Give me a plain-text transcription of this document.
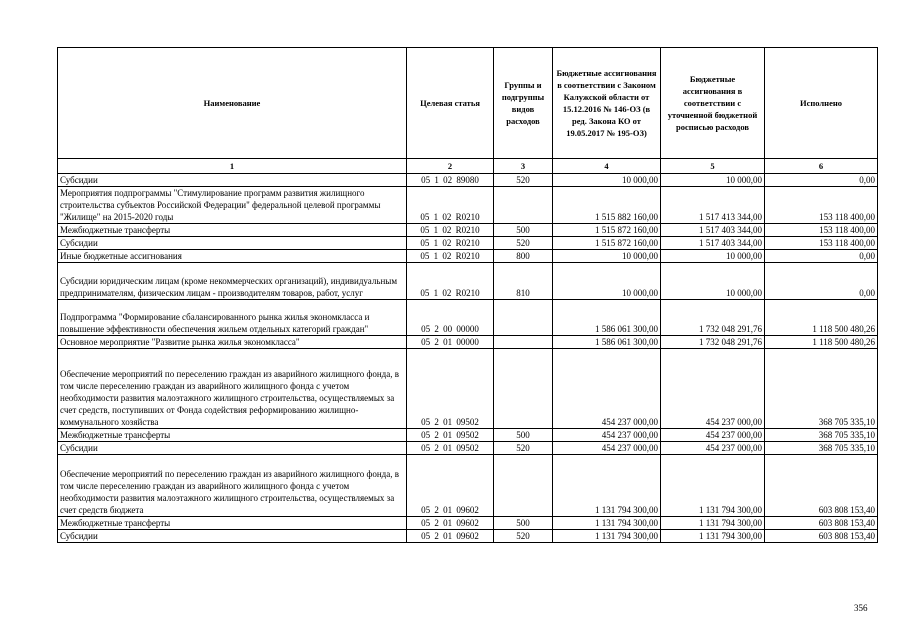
Наименование	Целевая статья	Группы и подгруппы видов расходов	Бюджетные ассигнования в соответствии с Законом Калужской области от 15.12.2016 № 146-ОЗ (в ред. Закона КО от 19.05.2017 № 195-ОЗ)	Бюджетные ассигнования в соответствии с уточненной бюджетной росписью расходов	Исполнено
1	2	3	4	5	6
Субсидии	05 1 02 89080	520	10 000,00	10 000,00	0,00
Мероприятия подпрограммы "Стимулирование программ развития жилищного строительства субъектов Российской Федерации" федеральной целевой программы "Жилище" на 2015-2020 годы	05 1 02 R0210		1 515 882 160,00	1 517 413 344,00	153 118 400,00
Межбюджетные трансферты	05 1 02 R0210	500	1 515 872 160,00	1 517 403 344,00	153 118 400,00
Субсидии	05 1 02 R0210	520	1 515 872 160,00	1 517 403 344,00	153 118 400,00
Иные бюджетные ассигнования	05 1 02 R0210	800	10 000,00	10 000,00	0,00
Субсидии юридическим лицам (кроме некоммерческих организаций), индивидуальным предпринимателям, физическим лицам - производителям товаров, работ, услуг	05 1 02 R0210	810	10 000,00	10 000,00	0,00
Подпрограмма "Формирование сбалансированного рынка жилья экономкласса и повышение эффективности обеспечения жильем отдельных категорий граждан"	05 2 00 00000		1 586 061 300,00	1 732 048 291,76	1 118 500 480,26
Основное мероприятие "Развитие рынка жилья экономкласса"	05 2 01 00000		1 586 061 300,00	1 732 048 291,76	1 118 500 480,26
Обеспечение мероприятий по переселению граждан из аварийного жилищного фонда, в том числе переселению граждан из аварийного жилищного фонда с учетом необходимости развития малоэтажного жилищного строительства, осуществляемых за счет средств, поступивших от Фонда содействия реформированию жилищно-коммунального хозяйства	05 2 01 09502		454 237 000,00	454 237 000,00	368 705 335,10
Межбюджетные трансферты	05 2 01 09502	500	454 237 000,00	454 237 000,00	368 705 335,10
Субсидии	05 2 01 09502	520	454 237 000,00	454 237 000,00	368 705 335,10
Обеспечение мероприятий по переселению граждан из аварийного жилищного фонда, в том числе переселению граждан из аварийного жилищного фонда с учетом необходимости развития малоэтажного жилищного строительства, осуществляемых за счет средств бюджета	05 2 01 09602		1 131 794 300,00	1 131 794 300,00	603 808 153,40
Межбюджетные трансферты	05 2 01 09602	500	1 131 794 300,00	1 131 794 300,00	603 808 153,40
Субсидии	05 2 01 09602	520	1 131 794 300,00	1 131 794 300,00	603 808 153,40
356
